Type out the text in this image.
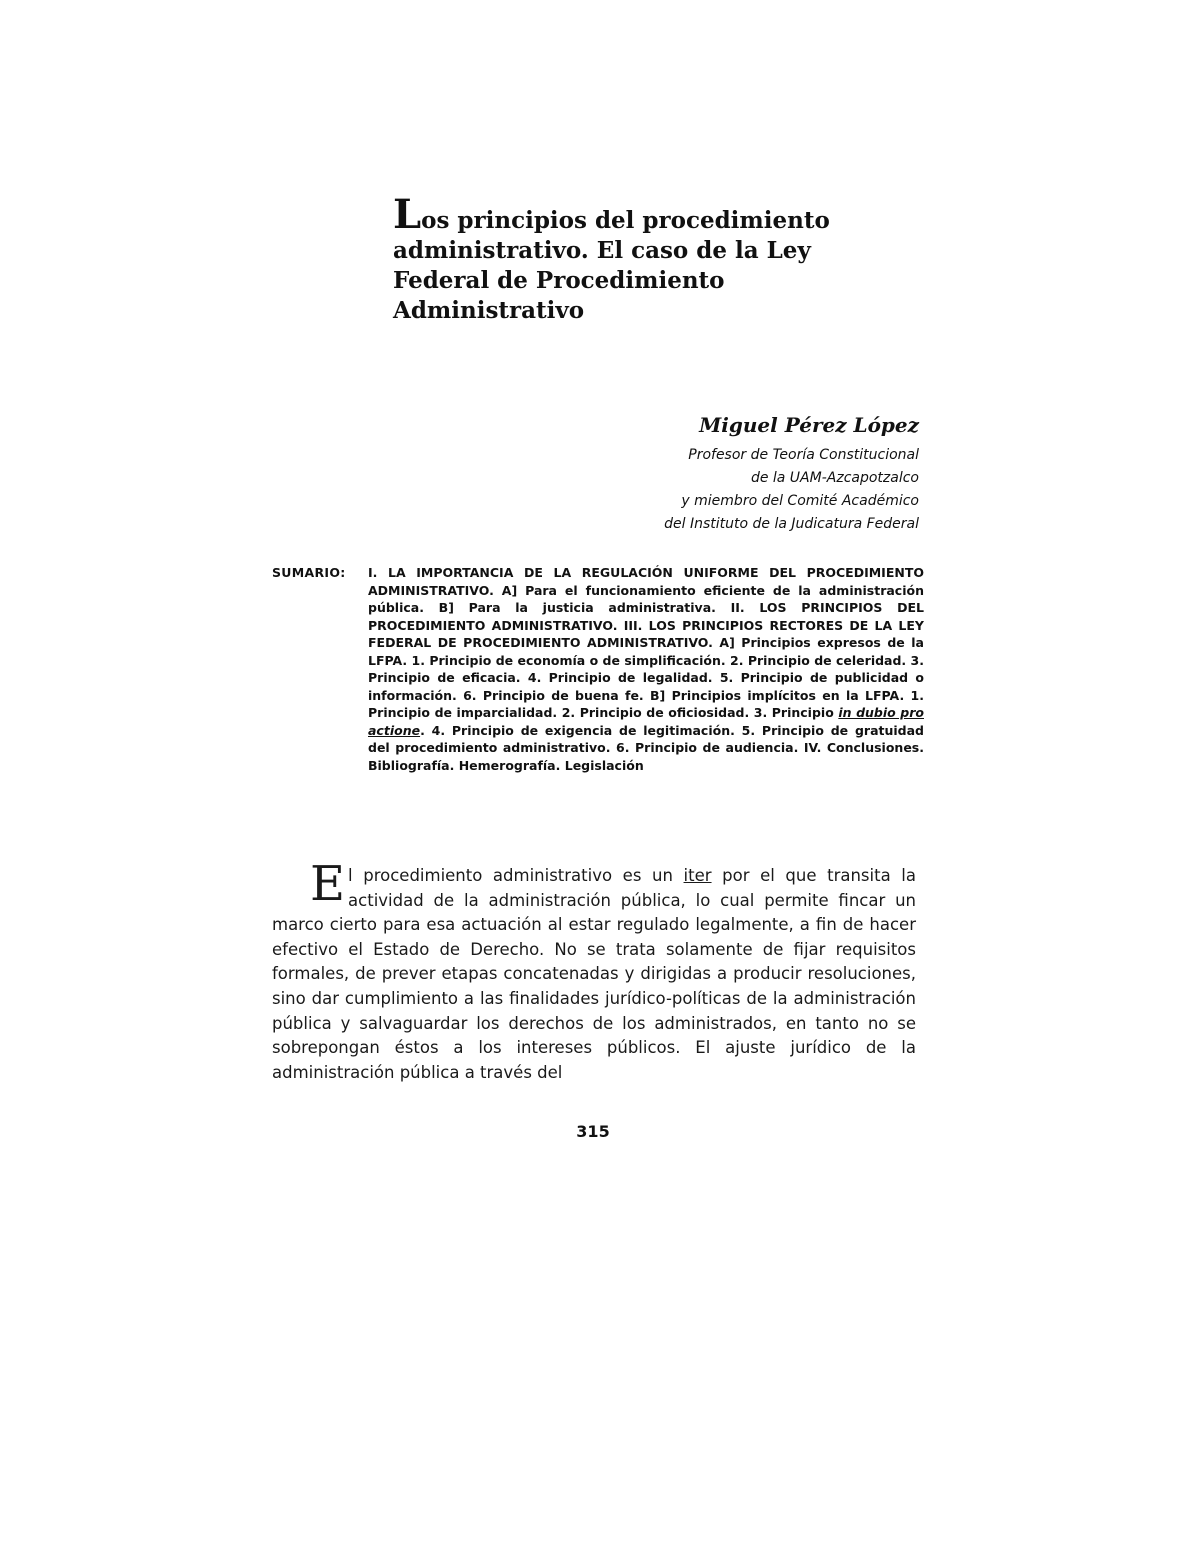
Los principios del procedimiento administrativo. El caso de la Ley Federal de Procedimiento Administrativo
Miguel Pérez López
Profesor de Teoría Constitucional
de la UAM-Azcapotzalco
y miembro del Comité Académico
del Instituto de la Judicatura Federal
SUMARIO:	I. LA IMPORTANCIA DE LA REGULACIÓN UNIFORME DEL PROCEDIMIENTO ADMINISTRATIVO. A] Para el funcionamiento eficiente de la administración pública. B] Para la justicia administrativa. II. LOS PRINCIPIOS DEL PROCEDIMIENTO ADMINISTRATIVO. III. LOS PRINCIPIOS RECTORES DE LA LEY FEDERAL DE PROCEDIMIENTO ADMINISTRATIVO. A] Principios expresos de la LFPA. 1. Principio de economía o de simplificación. 2. Principio de celeridad. 3. Principio de eficacia. 4. Principio de legalidad. 5. Principio de publicidad o información. 6. Principio de buena fe. B] Principios implícitos en la LFPA. 1. Principio de imparcialidad. 2. Principio de oficiosidad. 3. Principio in dubio pro actione. 4. Principio de exigencia de legitimación. 5. Principio de gratuidad del procedimiento administrativo. 6. Principio de audiencia. IV. Conclusiones. Bibliografía. Hemerografía. Legislación

El procedimiento administrativo es un iter por el que transita la actividad de la administración pública, lo cual permite fincar un marco cierto para esa actuación al estar regulado legalmente, a fin de hacer efectivo el Estado de Derecho. No se trata solamente de fijar requisitos formales, de prever etapas concatenadas y dirigidas a producir resoluciones, sino dar cumplimiento a las finalidades jurídico-políticas de la administración pública y salvaguardar los derechos de los administrados, en tanto no se sobrepongan éstos a los intereses públicos. El ajuste jurídico de la administración pública a través del

315
